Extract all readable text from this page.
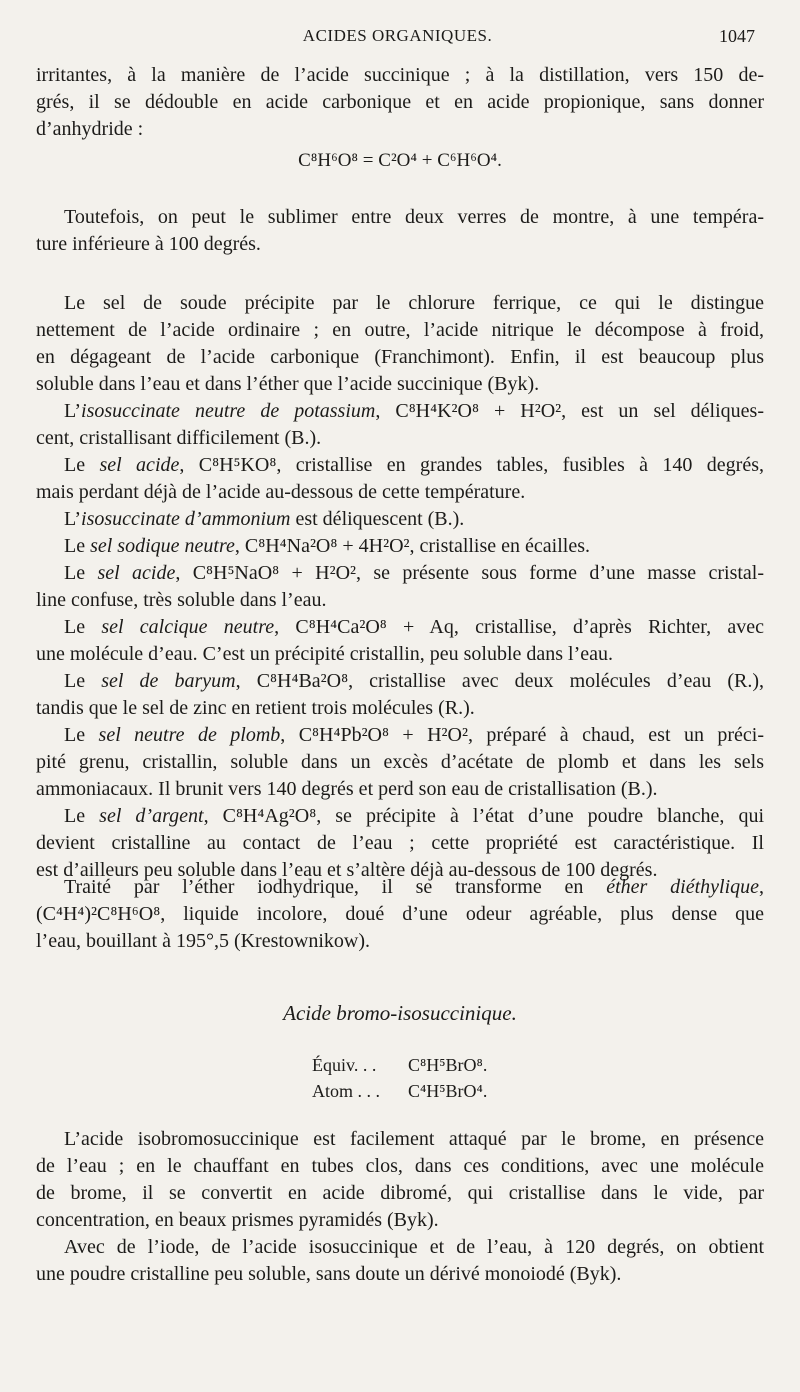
ACIDES ORGANIQUES.	1047
irritantes, à la manière de l’acide succinique ; à la distillation, vers 150 de-
grés, il se dédouble en acide carbonique et en acide propionique, sans donner
d’anhydride :
C⁸H⁶O⁸ = C²O⁴ + C⁶H⁶O⁴.
Toutefois, on peut le sublimer entre deux verres de montre, à une tempéra-
ture inférieure à 100 degrés.
Le sel de soude précipite par le chlorure ferrique, ce qui le distingue
nettement de l’acide ordinaire ; en outre, l’acide nitrique le décompose à froid,
en dégageant de l’acide carbonique (Franchimont). Enfin, il est beaucoup plus
soluble dans l’eau et dans l’éther que l’acide succinique (Byk).
L’isosuccinate neutre de potassium, C⁸H⁴K²O⁸ + H²O², est un sel déliques-
cent, cristallisant difficilement (B.).
Le sel acide, C⁸H⁵KO⁸, cristallise en grandes tables, fusibles à 140 degrés,
mais perdant déjà de l’acide au-dessous de cette température.
L’isosuccinate d’ammonium est déliquescent (B.).
Le sel sodique neutre, C⁸H⁴Na²O⁸ + 4H²O², cristallise en écailles.
Le sel acide, C⁸H⁵NaO⁸ + H²O², se présente sous forme d’une masse cristal-
line confuse, très soluble dans l’eau.
Le sel calcique neutre, C⁸H⁴Ca²O⁸ + Aq, cristallise, d’après Richter, avec
une molécule d’eau. C’est un précipité cristallin, peu soluble dans l’eau.
Le sel de baryum, C⁸H⁴Ba²O⁸, cristallise avec deux molécules d’eau (R.),
tandis que le sel de zinc en retient trois molécules (R.).
Le sel neutre de plomb, C⁸H⁴Pb²O⁸ + H²O², préparé à chaud, est un préci-
pité grenu, cristallin, soluble dans un excès d’acétate de plomb et dans les sels
ammoniacaux. Il brunit vers 140 degrés et perd son eau de cristallisation (B.).
Le sel d’argent, C⁸H⁴Ag²O⁸, se précipite à l’état d’une poudre blanche, qui
devient cristalline au contact de l’eau ; cette propriété est caractéristique. Il
est d’ailleurs peu soluble dans l’eau et s’altère déjà au-dessous de 100 degrés.
Traité par l’éther iodhydrique, il se transforme en éther diéthylique,
(C⁴H⁴)²C⁸H⁶O⁸, liquide incolore, doué d’une odeur agréable, plus dense que
l’eau, bouillant à 195°,5 (Krestownikow).
Acide bromo-isosuccinique.
Équiv. . .	C⁸H⁵BrO⁸.
Atom . . .	C⁴H⁵BrO⁴.
L’acide isobromosuccinique est facilement attaqué par le brome, en présence
de l’eau ; en le chauffant en tubes clos, dans ces conditions, avec une molécule
de brome, il se convertit en acide dibromé, qui cristallise dans le vide, par
concentration, en beaux prismes pyramidés (Byk).
Avec de l’iode, de l’acide isosuccinique et de l’eau, à 120 degrés, on obtient
une poudre cristalline peu soluble, sans doute un dérivé monoiodé (Byk).
